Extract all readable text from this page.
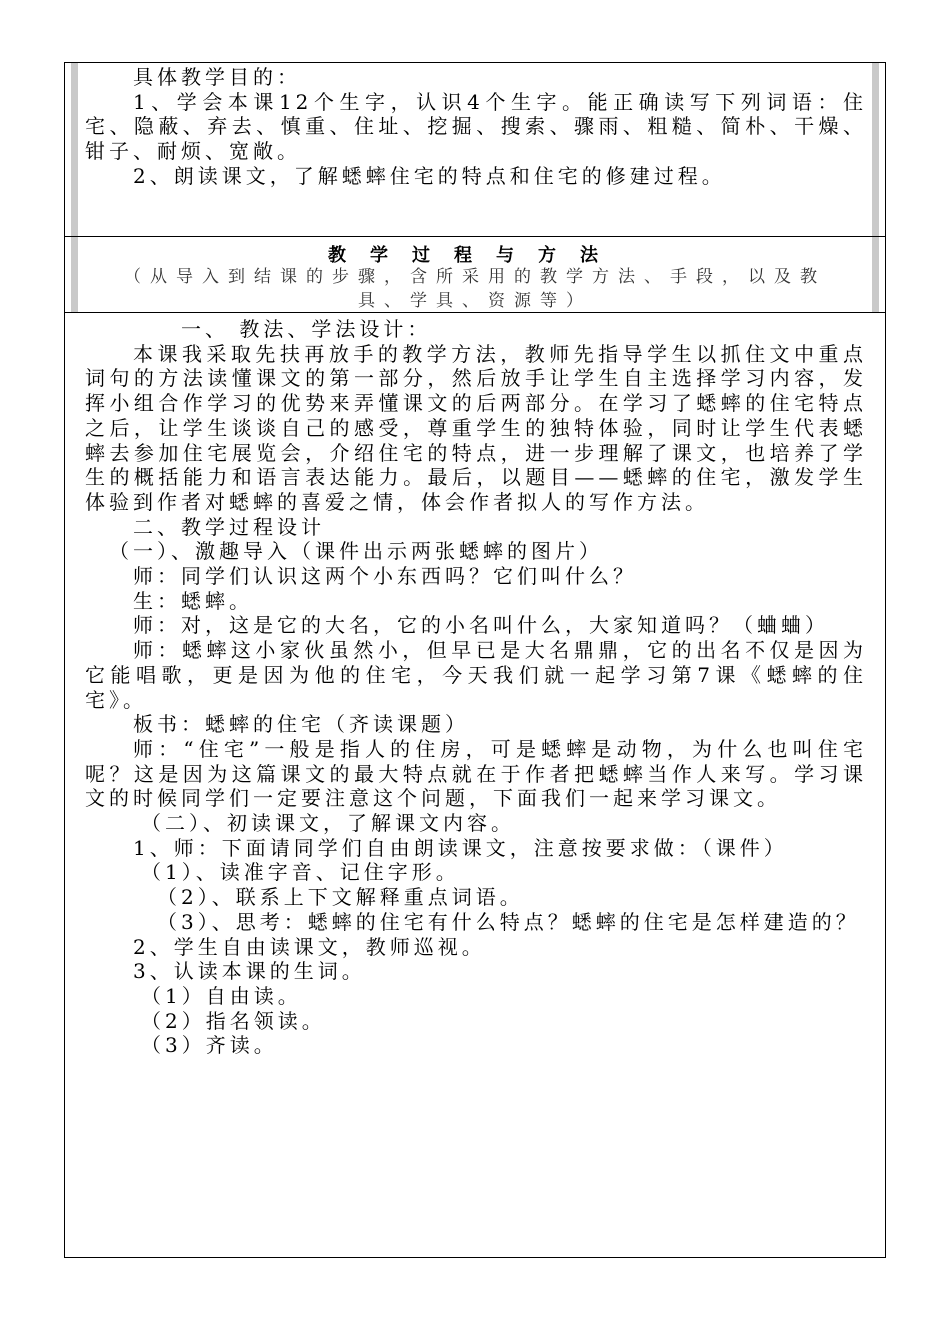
具体教学目的：

1、学会本课12个生字，认识4个生字。能正确读写下列词语：住宅、隐蔽、弃去、慎重、住址、挖掘、搜索、骤雨、粗糙、简朴、干燥、钳子、耐烦、宽敞。

2、朗读课文，了解蟋蟀住宅的特点和住宅的修建过程。

教学过程与方法
（从导入到结课的步骤，含所采用的教学方法、手段，以及教具、学具、资源等）

一、 教法、学法设计：

本课我采取先扶再放手的教学方法，教师先指导学生以抓住文中重点词句的方法读懂课文的第一部分，然后放手让学生自主选择学习内容，发挥小组合作学习的优势来弄懂课文的后两部分。在学习了蟋蟀的住宅特点之后，让学生谈谈自己的感受，尊重学生的独特体验，同时让学生代表蟋蟀去参加住宅展览会，介绍住宅的特点，进一步理解了课文，也培养了学生的概括能力和语言表达能力。最后，以题目——蟋蟀的住宅，激发学生体验到作者对蟋蟀的喜爱之情，体会作者拟人的写作方法。

二、教学过程设计

（一）、激趣导入（课件出示两张蟋蟀的图片）

师：同学们认识这两个小东西吗？它们叫什么？

生：蟋蟀。

师：对，这是它的大名，它的小名叫什么，大家知道吗？（蛐蛐）

师：蟋蟀这小家伙虽然小，但早已是大名鼎鼎，它的出名不仅是因为它能唱歌，更是因为他的住宅，今天我们就一起学习第7课《蟋蟀的住宅》。

板书：蟋蟀的住宅（齐读课题）

师：“住宅”一般是指人的住房，可是蟋蟀是动物，为什么也叫住宅呢？这是因为这篇课文的最大特点就在于作者把蟋蟀当作人来写。学习课文的时候同学们一定要注意这个问题，下面我们一起来学习课文。

（二）、初读课文，了解课文内容。

1、师：下面请同学们自由朗读课文，注意按要求做：（课件）

（1）、读准字音、记住字形。

（2）、联系上下文解释重点词语。

（3）、思考：蟋蟀的住宅有什么特点？蟋蟀的住宅是怎样建造的？

2、学生自由读课文，教师巡视。

3、认读本课的生词。

（1）自由读。

（2）指名领读。

（3）齐读。
